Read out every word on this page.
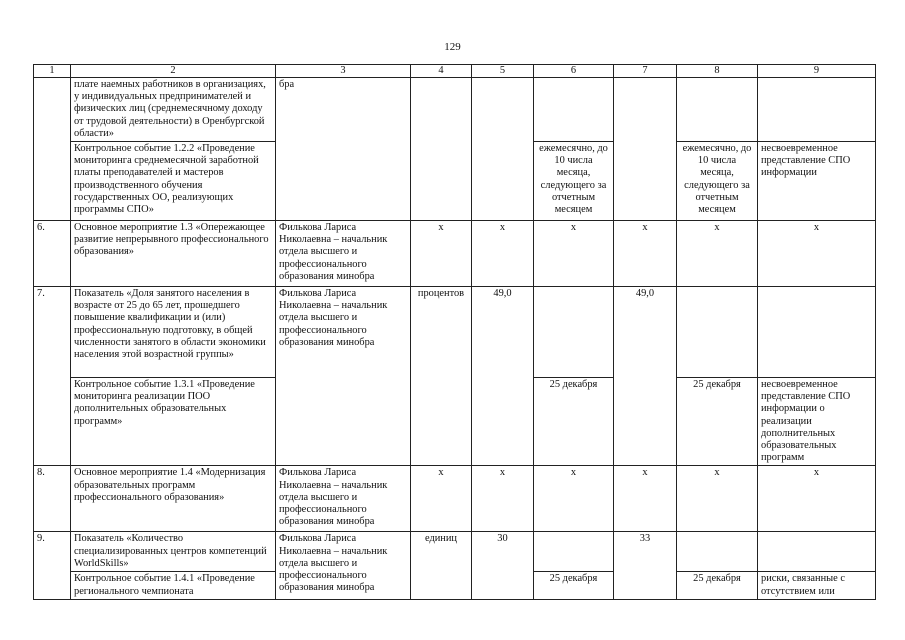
129
1	2	3	4	5	6	7	8	9
	плате наемных работников в организациях, у индивидуальных предпринимателей и физических лиц (среднемесячному доходу от трудовой деятельности) в Оренбургской области»	бра						
	Контрольное событие 1.2.2 «Проведение мониторинга среднемесячной заработной платы преподавателей и мастеров производственного обучения государственных ОО, реализующих программы СПО»				ежемесячно, до 10 числа месяца, следующего за отчетным месяцем		ежемесячно, до 10 числа месяца, следующего за отчетным месяцем	несвоевременное представление СПО информации
6.	Основное мероприятие 1.3 «Опережающее развитие непрерывного профессионального образования»	Филькова Лариса Николаевна – начальник отдела высшего и профессионального образования минобра	х	х	х	х	х	х
7.	Показатель «Доля занятого населения в возрасте от 25 до 65 лет, прошедшего повышение квалификации и (или) профессиональную подготовку, в общей численности занятого в области экономики населения этой возрастной группы»	Филькова Лариса Николаевна – начальник отдела высшего и профессионального образования минобра	процентов	49,0		49,0		
	Контрольное событие 1.3.1 «Проведение мониторинга реализации ПОО дополнительных образовательных программ»				25 декабря		25 декабря	несвоевременное представление СПО информации о реализации дополнительных образовательных программ
8.	Основное мероприятие 1.4 «Модернизация образовательных программ профессионального образования»	Филькова Лариса Николаевна – начальник отдела высшего и профессионального образования минобра	х	х	х	х	х	х
9.	Показатель «Количество специализированных центров компетенций WorldSkills»	Филькова Лариса Николаевна – начальник отдела высшего и профессионального образования минобра	единиц	30		33		
	Контрольное событие 1.4.1 «Проведение регионального чемпионата				25 декабря		25 декабря	риски, связанные с отсутствием или
